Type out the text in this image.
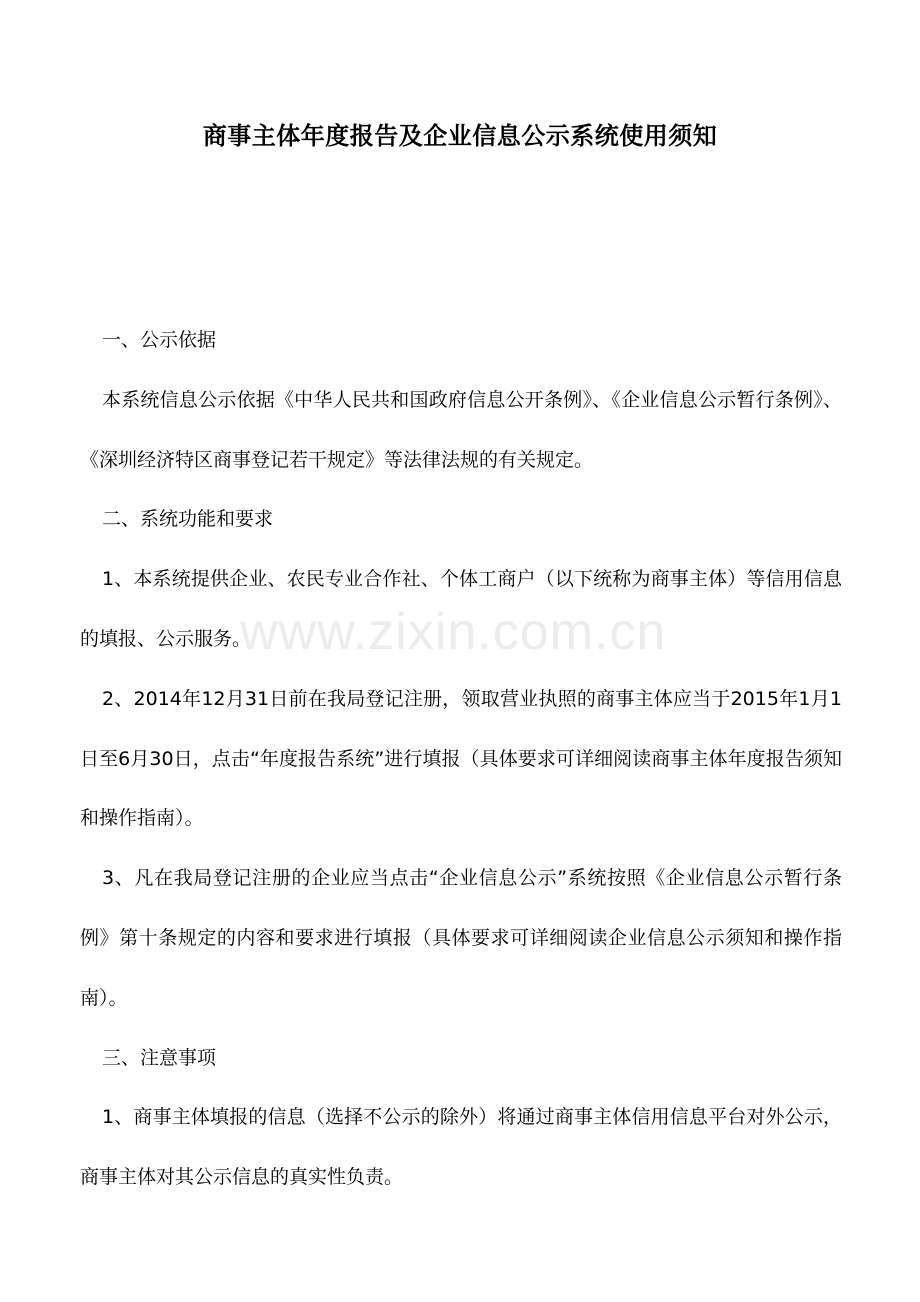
商事主体年度报告及企业信息公示系统使用须知

一、公示依据

本系统信息公示依据《中华人民共和国政府信息公开条例》、《企业信息公示暂行条例》、《深圳经济特区商事登记若干规定》等法律法规的有关规定。

二、系统功能和要求

1、本系统提供企业、农民专业合作社、个体工商户（以下统称为商事主体）等信用信息的填报、公示服务。

2、2014年12月31日前在我局登记注册，领取营业执照的商事主体应当于2015年1月1日至6月30日，点击“年度报告系统”进行填报（具体要求可详细阅读商事主体年度报告须知和操作指南）。

3、凡在我局登记注册的企业应当点击“企业信息公示”系统按照《企业信息公示暂行条例》第十条规定的内容和要求进行填报（具体要求可详细阅读企业信息公示须知和操作指南）。

三、注意事项

1、商事主体填报的信息（选择不公示的除外）将通过商事主体信用信息平台对外公示，商事主体对其公示信息的真实性负责。

www.zixin.com.cn
